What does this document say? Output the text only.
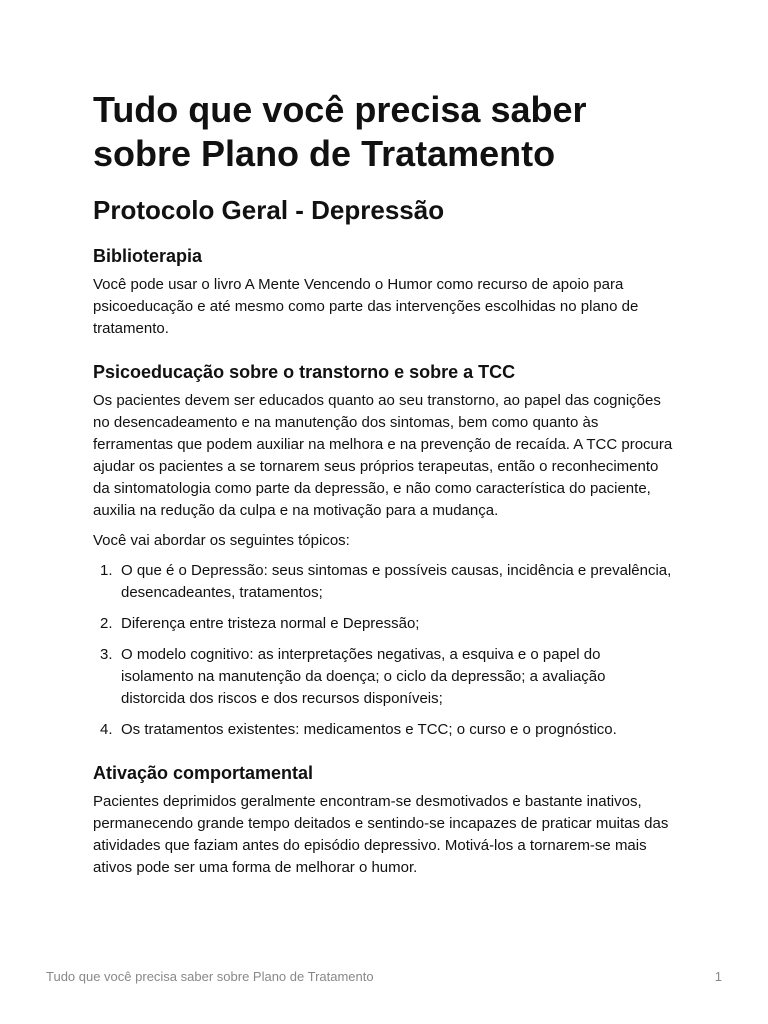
Tudo que você precisa saber sobre Plano de Tratamento
Protocolo Geral - Depressão
Biblioterapia

Você pode usar o livro A Mente Vencendo o Humor como recurso de apoio para psicoeducação e até mesmo como parte das intervenções escolhidas no plano de tratamento.

Psicoeducação sobre o transtorno e sobre a TCC

Os pacientes devem ser educados quanto ao seu transtorno, ao papel das cognições no desencadeamento e na manutenção dos sintomas, bem como quanto às ferramentas que podem auxiliar na melhora e na prevenção de recaída. A TCC procura ajudar os pacientes a se tornarem seus próprios terapeutas, então o reconhecimento da sintomatologia como parte da depressão, e não como característica do paciente, auxilia na redução da culpa e na motivação para a mudança.

Você vai abordar os seguintes tópicos:

1. O que é o Depressão: seus sintomas e possíveis causas, incidência e prevalência, desencadeantes, tratamentos;
2. Diferença entre tristeza normal e Depressão;
3. O modelo cognitivo: as interpretações negativas, a esquiva e o papel do isolamento na manutenção da doença; o ciclo da depressão; a avaliação distorcida dos riscos e dos recursos disponíveis;
4. Os tratamentos existentes: medicamentos e TCC; o curso e o prognóstico.
Ativação comportamental

Pacientes deprimidos geralmente encontram-se desmotivados e bastante inativos, permanecendo grande tempo deitados e sentindo-se incapazes de praticar muitas das atividades que faziam antes do episódio depressivo. Motivá-los a tornarem-se mais ativos pode ser uma forma de melhorar o humor.

Tudo que você precisa saber sobre Plano de Tratamento	1
